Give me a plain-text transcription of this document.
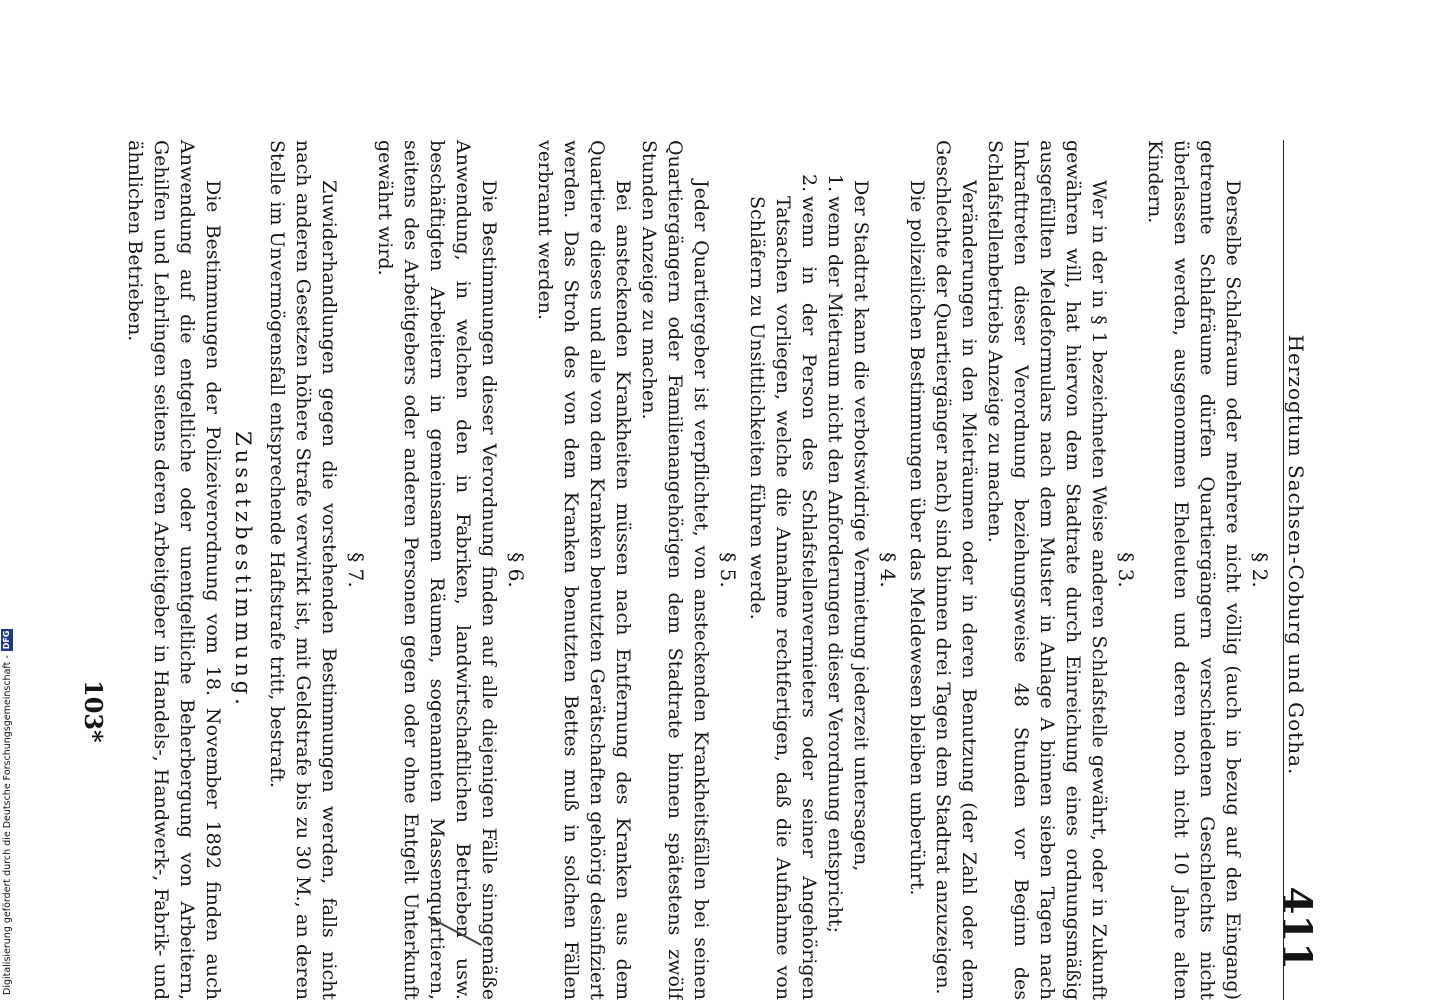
Herzogtum Sachsen-Coburg und Gotha.
411
§ 2.

Derselbe Schlafraum oder mehrere nicht völlig (auch in bezug auf den Eingang) getrennte Schlafräume dürfen Quartiergängern verschiedenen Geschlechts nicht überlassen werden, ausgenommen Eheleuten und deren noch nicht 10 Jahre alten Kindern.

§ 3.

Wer in der in § 1 bezeichneten Weise anderen Schlafstelle gewährt, oder in Zukunft gewähren will, hat hiervon dem Stadtrate durch Einreichung eines ordnungsmäßig ausgefüllten Meldeformulars nach dem Muster in Anlage A binnen sieben Tagen nach Inkrafttreten dieser Verordnung beziehungsweise 48 Stunden vor Beginn des Schlafstellenbetriebs Anzeige zu machen.

Veränderungen in den Mieträumen oder in deren Benutzung (der Zahl oder dem Geschlechte der Quartiergänger nach) sind binnen drei Tagen dem Stadtrat anzuzeigen.

Die polizeilichen Bestimmungen über das Meldewesen bleiben unberührt.

§ 4.

Der Stadtrat kann die verbotswidrige Vermietung jederzeit untersagen,

1.wenn der Mietraum nicht den Anforderungen dieser Verordnung entspricht;

2.wenn in der Person des Schlafstellenvermieters oder seiner Angehörigen Tatsachen vorliegen, welche die Annahme rechtfertigen, daß die Aufnahme von Schläfern zu Unsittlichkeiten führen werde.

§ 5.

Jeder Quartiergeber ist verpflichtet, von ansteckenden Krankheitsfällen bei seinen Quartiergängern oder Familienangehörigen dem Stadtrate binnen spätestens zwölf Stunden Anzeige zu machen.

Bei ansteckenden Krankheiten müssen nach Entfernung des Kranken aus dem Quartiere dieses und alle von dem Kranken benutzten Gerätschaften gehörig desinfiziert werden. Das Stroh des von dem Kranken benutzten Bettes muß in solchen Fällen verbrannt werden.

§ 6.

Die Bestimmungen dieser Verordnung finden auf alle diejenigen Fälle sinngemäße Anwendung, in welchen den in Fabriken, landwirtschaftlichen Betrieben usw. beschäftigten Arbeitern in gemeinsamen Räumen, sogenannten Massenquartieren, seitens des Arbeitgebers oder anderen Personen gegen oder ohne Entgelt Unterkunft gewährt wird.

§ 7.

Zuwiderhandlungen gegen die vorstehenden Bestimmungen werden, falls nicht nach anderen Gesetzen höhere Strafe verwirkt ist, mit Geldstrafe bis zu 30 M., an deren Stelle im Unvermögensfall entsprechende Haftstrafe tritt, bestraft.

Zusatzbestimmung.

Die Bestimmungen der Polizeiverordnung vom 18. November 1892 finden auch Anwendung auf die entgeltliche oder unentgeltliche Beherbergung von Arbeitern, Gehilfen und Lehrlingen seitens deren Arbeitgeber in Handels-, Handwerk-, Fabrik- und ähnlichen Betrieben.

103*
Digitalisierung gefördert durch die Deutsche Forschungsgemeinschaft -
DFG
